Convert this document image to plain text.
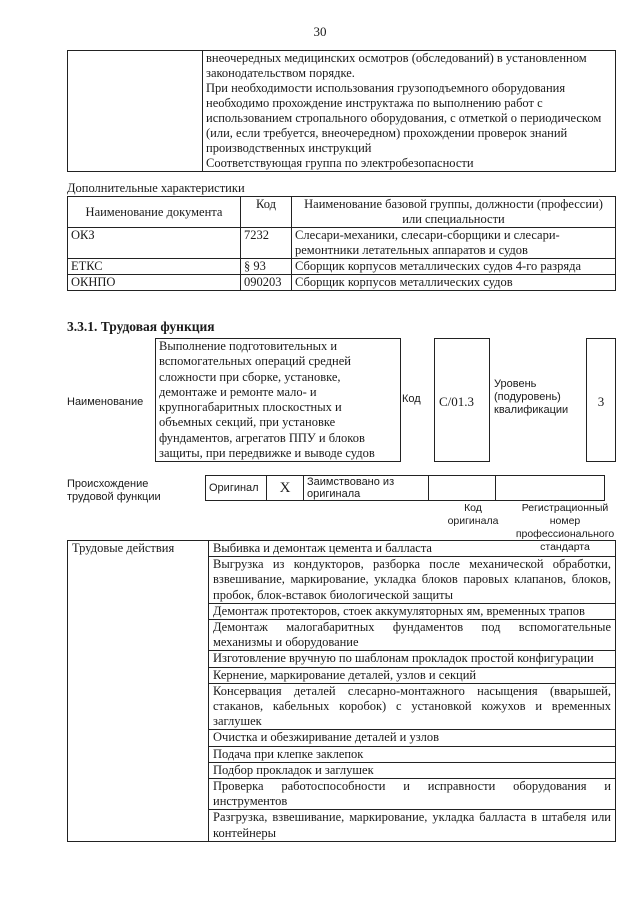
30

внеочередных медицинских осмотров (обследований) в установленном
законодательством порядке.
При необходимости использования грузоподъемного оборудования
необходимо прохождение инструктажа по выполнению работ с
использованием стропального оборудования, с отметкой о периодическом
(или, если требуется, внеочередном) прохождении проверок знаний
производственных инструкций
Соответствующая группа по электробезопасности
Дополнительные характеристики
Наименование документа	Код	Наименование базовой группы, должности (профессии) или специальности
ОКЗ	7232	Слесари-механики, слесари-сборщики и слесари-ремонтники летательных аппаратов и судов
ЕТКС	§ 93	Сборщик корпусов металлических судов 4-го разряда
ОКНПО	090203	Сборщик корпусов металлических судов
3.3.1. Трудовая функция
Наименование
Выполнение подготовительных и вспомогательных операций средней сложности при сборке, установке, демонтаже и ремонте мало- и крупногабаритных плоскостных и объемных секций, при установке фундаментов, агрегатов ППУ и блоков защиты, при передвижке и выводе судов
Код	C/01.3
Уровень (подуровень) квалификации
3
Происхождение трудовой функции
Оригинал	X	Заимствовано из оригинала		
Код оригинала
Регистрационный номер профессионального стандарта
Трудовые действия	Выбивка и демонтаж цемента и балласта
Выгрузка из кондукторов, разборка после механической обработки, взвешивание, маркирование, укладка блоков паровых клапанов, блоков, пробок, блок-вставок биологической защиты
Демонтаж протекторов, стоек аккумуляторных ям, временных трапов
Демонтаж малогабаритных фундаментов под вспомогательные механизмы и оборудование
Изготовление вручную по шаблонам прокладок простой конфигурации
Кернение, маркирование деталей, узлов и секций
Консервация деталей слесарно-монтажного насыщения (вварышей, стаканов, кабельных коробок) с установкой кожухов и временных заглушек
Очистка и обезжиривание деталей и узлов
Подача при клепке заклепок
Подбор прокладок и заглушек
Проверка работоспособности и исправности оборудования и инструментов
Разгрузка, взвешивание, маркирование, укладка балласта в штабеля или контейнеры
